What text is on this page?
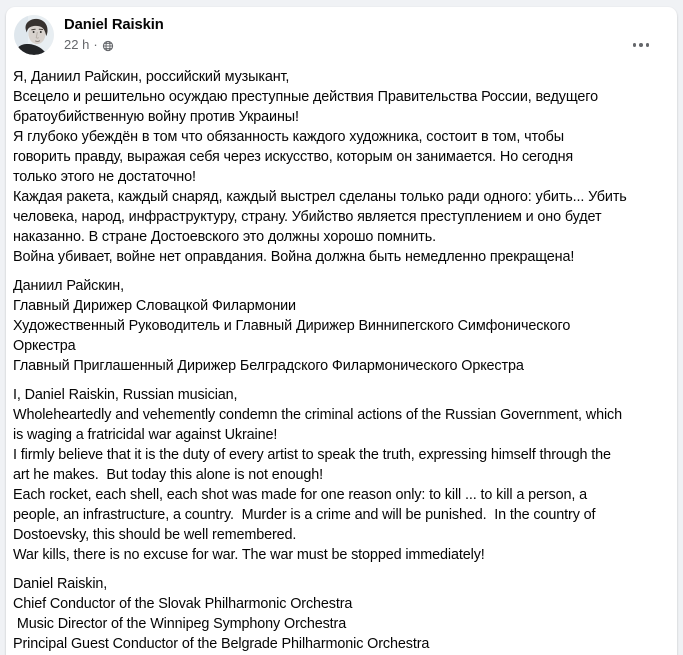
Daniel Raiskin
22 h ·
Я, Даниил Райскин, российский музыкант,
Всецело и решительно осуждаю преступные действия Правительства России, ведущего
братоубийственную войну против Украины!
Я глубоко убеждён в том что обязанность каждого художника, состоит в том, чтобы
говорить правду, выражая себя через искусство, которым он занимается. Но сегодня
только этого не достаточно!
Каждая ракета, каждый снаряд, каждый выстрел сделаны только ради одного: убить... Убить
человека, народ, инфраструктуру, страну. Убийство является преступлением и оно будет
наказанно. В стране Достоевского это должны хорошо помнить.
Война убивает, войне нет оправдания. Война должна быть немедленно прекращена!
Даниил Райскин,
Главный Дирижер Словацкой Филармонии
Художественный Руководитель и Главный Дирижер Виннипегского Симфонического
Оркестра
Главный Приглашенный Дирижер Белградского Филармонического Оркестра
I, Daniel Raiskin, Russian musician,
Wholeheartedly and vehemently condemn the criminal actions of the Russian Government, which
is waging a fratricidal war against Ukraine!
I firmly believe that it is the duty of every artist to speak the truth, expressing himself through the
art he makes.  But today this alone is not enough!
Each rocket, each shell, each shot was made for one reason only: to kill ... to kill a person, a
people, an infrastructure, a country.  Murder is a crime and will be punished.  In the country of
Dostoevsky, this should be well remembered.
War kills, there is no excuse for war. The war must be stopped immediately!
Daniel Raiskin,
Chief Conductor of the Slovak Philharmonic Orchestra
Music Director of the Winnipeg Symphony Orchestra
Principal Guest Conductor of the Belgrade Philharmonic Orchestra
